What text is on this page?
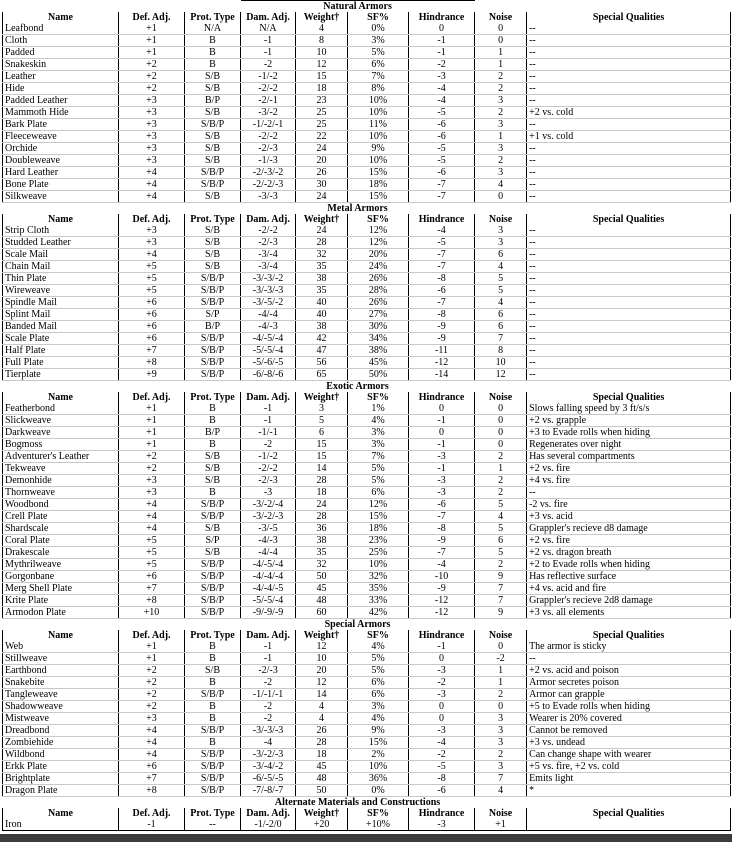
			Natural Armors					
Name	Def. Adj.	Prot. Type	Dam. Adj.	Weight†	SF%	Hindrance	Noise	Special Qualities
Leafbond	+1	N/A	N/A	4	0%	0	0	--
Cloth	+1	B	-1	8	3%	-1	0	--
Padded	+1	B	-1	10	5%	-1	1	--
Snakeskin	+2	B	-2	12	6%	-2	1	--
Leather	+2	S/B	-1/-2	15	7%	-3	2	--
Hide	+2	S/B	-2/-2	18	8%	-4	2	--
Padded Leather	+3	B/P	-2/-1	23	10%	-4	3	--
Mammoth Hide	+3	S/B	-3/-2	25	10%	-5	2	+2 vs. cold
Bark Plate	+3	S/B/P	-1/-2/-1	25	11%	-6	3	--
Fleeceweave	+3	S/B	-2/-2	22	10%	-6	1	+1 vs. cold
Orchide	+3	S/B	-2/-3	24	9%	-5	3	--
Doubleweave	+3	S/B	-1/-3	20	10%	-5	2	--
Hard Leather	+4	S/B/P	-2/-3/-2	26	15%	-6	3	--
Bone Plate	+4	S/B/P	-2/-2/-3	30	18%	-7	4	--
Silkweave	+4	S/B	-3/-3	24	15%	-7	0	--
			Metal Armors					
Name	Def. Adj.	Prot. Type	Dam. Adj.	Weight†	SF%	Hindrance	Noise	Special Qualities
Strip Cloth	+3	S/B	-2/-2	24	12%	-4	3	--
Studded Leather	+3	S/B	-2/-3	28	12%	-5	3	--
Scale Mail	+4	S/B	-3/-4	32	20%	-7	6	--
Chain Mail	+5	S/B	-3/-4	35	24%	-7	4	--
Thin Plate	+5	S/B/P	-3/-3/-2	38	26%	-8	5	--
Wireweave	+5	S/B/P	-3/-3/-3	35	28%	-6	5	--
Spindle Mail	+6	S/B/P	-3/-5/-2	40	26%	-7	4	--
Splint Mail	+6	S/P	-4/-4	40	27%	-8	6	--
Banded Mail	+6	B/P	-4/-3	38	30%	-9	6	--
Scale Plate	+6	S/B/P	-4/-5/-4	42	34%	-9	7	--
Half Plate	+7	S/B/P	-5/-5/-4	47	38%	-11	8	--
Full Plate	+8	S/B/P	-5/-6/-5	56	45%	-12	10	--
Tierplate	+9	S/B/P	-6/-8/-6	65	50%	-14	12	--
			Exotic Armors					
Name	Def. Adj.	Prot. Type	Dam. Adj.	Weight†	SF%	Hindrance	Noise	Special Qualities
Featherbond	+1	B	-1	3	1%	0	0	Slows falling speed by 3 ft/s/s
Slickweave	+1	B	-1	5	4%	-1	0	+2 vs. grapple
Darkweave	+1	B/P	-1/-1	6	3%	0	0	+3 to Evade rolls when hiding
Bogmoss	+1	B	-2	15	3%	-1	0	Regenerates over night
Adventurer's Leather	+2	S/B	-1/-2	15	7%	-3	2	Has several compartments
Tekweave	+2	S/B	-2/-2	14	5%	-1	1	+2 vs. fire
Demonhide	+3	S/B	-2/-3	28	5%	-3	2	+4 vs. fire
Thornweave	+3	B	-3	18	6%	-3	2	--
Woodbond	+4	S/B/P	-3/-2/-4	24	12%	-6	5	-2 vs. fire
Crell Plate	+4	S/B/P	-3/-2/-3	28	15%	-7	4	+3 vs. acid
Shardscale	+4	S/B	-3/-5	36	18%	-8	5	Grappler's recieve d8 damage
Coral Plate	+5	S/P	-4/-3	38	23%	-9	6	+2 vs. fire
Drakescale	+5	S/B	-4/-4	35	25%	-7	5	+2 vs. dragon breath
Mythrilweave	+5	S/B/P	-4/-5/-4	32	10%	-4	2	+2 to Evade rolls when hiding
Gorgonbane	+6	S/B/P	-4/-4/-4	50	32%	-10	9	Has reflective surface
Merg Shell Plate	+7	S/B/P	-4/-4/-5	45	35%	-9	7	+4 vs. acid and fire
Krite Plate	+8	S/B/P	-5/-5/-4	48	33%	-12	7	Grappler's recieve 2d8 damage
Armodon Plate	+10	S/B/P	-9/-9/-9	60	42%	-12	9	+3 vs. all elements
			Special Armors					
Name	Def. Adj.	Prot. Type	Dam. Adj.	Weight†	SF%	Hindrance	Noise	Special Qualities
Web	+1	B	-1	12	4%	-1	0	The armor is sticky
Stillweave	+1	B	-1	10	5%	0	-2	--
Earthbond	+2	S/B	-2/-3	20	5%	-3	1	+2 vs. acid and poison
Snakebite	+2	B	-2	12	6%	-2	1	Armor secretes poison
Tangleweave	+2	S/B/P	-1/-1/-1	14	6%	-3	2	Armor can grapple
Shadowweave	+2	B	-2	4	3%	0	0	+5 to Evade rolls when hiding
Mistweave	+3	B	-2	4	4%	0	3	Wearer is 20% covered
Dreadbond	+4	S/B/P	-3/-3/-3	26	9%	-3	3	Cannot be removed
Zombiehide	+4	B	-4	28	15%	-4	3	+3 vs. undead
Wildbond	+4	S/B/P	-3/-2/-3	18	2%	-2	2	Can change shape with wearer
Erkk Plate	+6	S/B/P	-3/-4/-2	45	10%	-5	3	+5 vs. fire, +2 vs. cold
Brightplate	+7	S/B/P	-6/-5/-5	48	36%	-8	7	Emits light
Dragon Plate	+8	S/B/P	-7/-8/-7	50	0%	-6	4	*
			Alternate Materials and Constructions					
Name	Def. Adj.	Prot. Type	Dam. Adj.	Weight†	SF%	Hindrance	Noise	Special Qualities
Iron	-1	--	-1/-2/0	+20	+10%	-3	+1	
